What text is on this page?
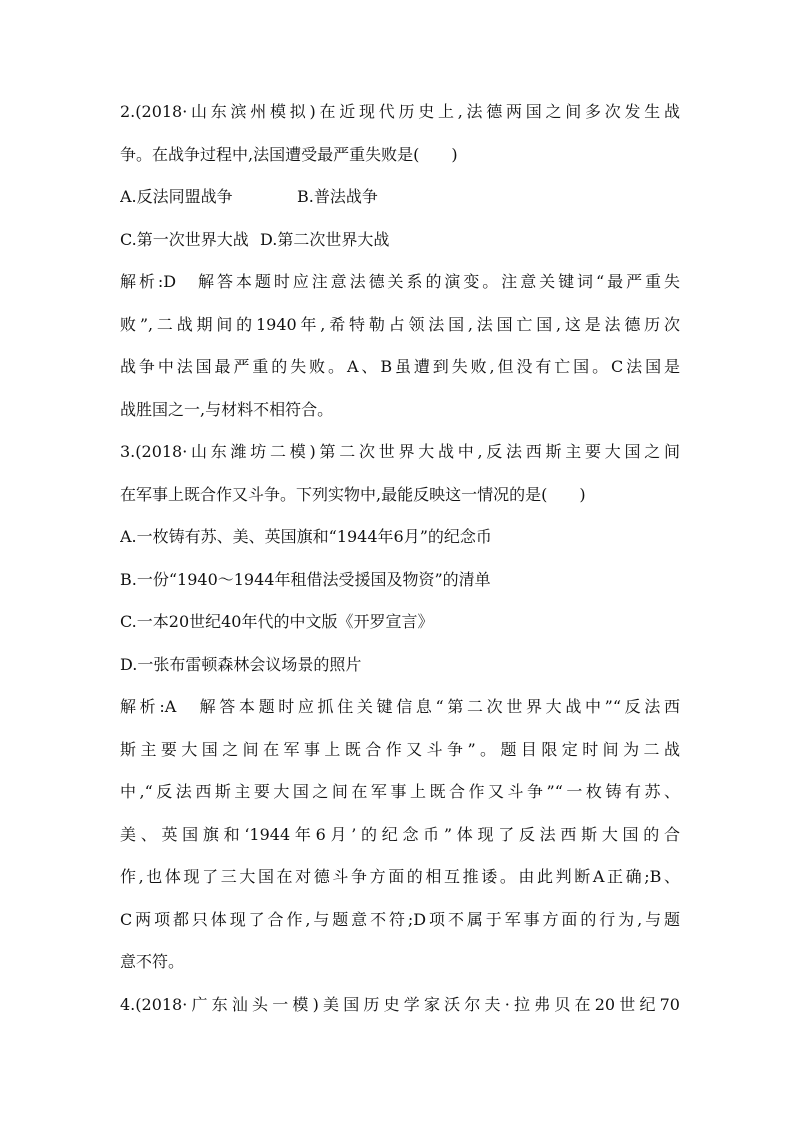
2.(2018·山东滨州模拟)在近现代历史上,法德两国之间多次发生战
争。在战争过程中,法国遭受最严重失败是(　　)
A.反法同盟战争	B.普法战争
C.第一次世界大战 D.第二次世界大战
解析:D　解答本题时应注意法德关系的演变。注意关键词“最严重失
败”,二战期间的1940年,希特勒占领法国,法国亡国,这是法德历次
战争中法国最严重的失败。A、B虽遭到失败,但没有亡国。C法国是
战胜国之一,与材料不相符合。
3.(2018·山东潍坊二模)第二次世界大战中,反法西斯主要大国之间
在军事上既合作又斗争。下列实物中,最能反映这一情况的是(　　)
A.一枚铸有苏、美、英国旗和“1944年6月”的纪念币
B.一份“1940～1944年租借法受援国及物资”的清单
C.一本20世纪40年代的中文版《开罗宣言》
D.一张布雷顿森林会议场景的照片
解析:A　解答本题时应抓住关键信息“第二次世界大战中”“反法西
斯主要大国之间在军事上既合作又斗争”。题目限定时间为二战
中,“反法西斯主要大国之间在军事上既合作又斗争”“一枚铸有苏、
美、英国旗和‘1944年6月’的纪念币”体现了反法西斯大国的合
作,也体现了三大国在对德斗争方面的相互推诿。由此判断A正确;B、
C两项都只体现了合作,与题意不符;D项不属于军事方面的行为,与题
意不符。
4.(2018·广东汕头一模)美国历史学家沃尔夫·拉弗贝在20世纪70
